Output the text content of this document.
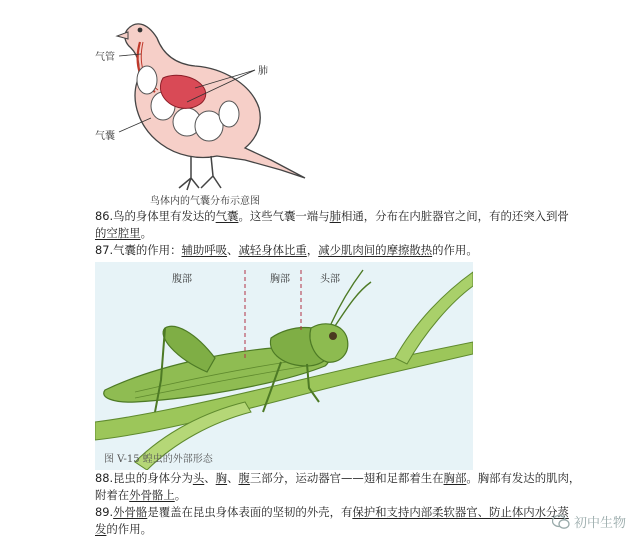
气管
肺
气囊
鸟体内的气囊分布示意图
86.鸟的身体里有发达的气囊。这些气囊一端与肺相通，分布在内脏器官之间，有的还突入到骨
的空腔里。
87.气囊的作用：辅助呼吸、减轻身体比重，减少肌肉间的摩擦散热的作用。
腹部	胸部	头部
图 V-15 蝗虫的外部形态
88.昆虫的身体分为头、胸、腹三部分，运动器官——翅和足都着生在胸部。胸部有发达的肌肉，
附着在外骨骼上。
89.外骨骼是覆盖在昆虫身体表面的坚韧的外壳，有保护和支持内部柔软器官、防止体内水分蒸
发的作用。	初中生物
